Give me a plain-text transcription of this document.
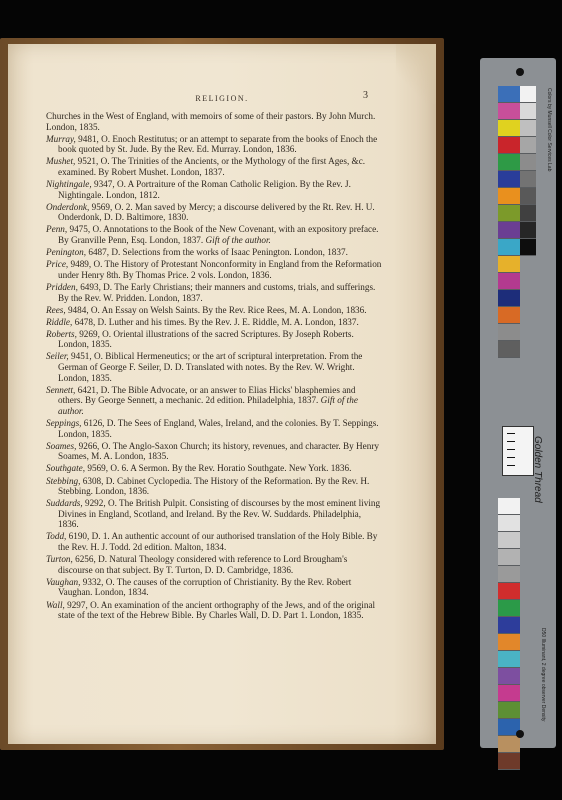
RELIGION.	3
Churches in the West of England, with memoirs of some of their pastors. By John Murch. London, 1835.
Murray, 9481, O. Enoch Restitutus; or an attempt to separate from the books of Enoch the book quoted by St. Jude. By the Rev. Ed. Murray. London, 1836.
Mushet, 9521, O. The Trinities of the Ancients, or the Mythology of the first Ages, &c. examined. By Robert Mushet. London, 1837.
Nightingale, 9347, O. A Portraiture of the Roman Catholic Religion. By the Rev. J. Nightingale. London, 1812.
Onderdonk, 9569, O. 2. Man saved by Mercy; a discourse delivered by the Rt. Rev. H. U. Onderdonk, D. D. Baltimore, 1830.
Penn, 9475, O. Annotations to the Book of the New Covenant, with an expository preface. By Granville Penn, Esq. London, 1837. Gift of the author.
Penington, 6487, D. Selections from the works of Isaac Penington. London, 1837.
Price, 9489, O. The History of Protestant Nonconformity in England from the Reformation under Henry 8th. By Thomas Price. 2 vols. London, 1836.
Pridden, 6493, D. The Early Christians; their manners and customs, trials, and sufferings. By the Rev. W. Pridden. London, 1837.
Rees, 9484, O. An Essay on Welsh Saints. By the Rev. Rice Rees, M. A. London, 1836.
Riddle, 6478, D. Luther and his times. By the Rev. J. E. Riddle, M. A. London, 1837.
Roberts, 9269, O. Oriental illustrations of the sacred Scriptures. By Joseph Roberts. London, 1835.
Seiler, 9451, O. Biblical Hermeneutics; or the art of scriptural interpretation. From the German of George F. Seiler, D. D. Translated with notes. By the Rev. W. Wright. London, 1835.
Sennett, 6421, D. The Bible Advocate, or an answer to Elias Hicks' blasphemies and others. By George Sennett, a mechanic. 2d edition. Philadelphia, 1837. Gift of the author.
Seppings, 6126, D. The Sees of England, Wales, Ireland, and the colonies. By T. Seppings. London, 1835.
Soames, 9266, O. The Anglo-Saxon Church; its history, revenues, and character. By Henry Soames, M. A. London, 1835.
Southgate, 9569, O. 6. A Sermon. By the Rev. Horatio Southgate. New York. 1836.
Stebbing, 6308, D. Cabinet Cyclopedia. The History of the Reformation. By the Rev. H. Stebbing. London, 1836.
Suddards, 9292, O. The British Pulpit. Consisting of discourses by the most eminent living Divines in England, Scotland, and Ireland. By the Rev. W. Suddards. Philadelphia, 1836.
Todd, 6190, D. 1. An authentic account of our authorised translation of the Holy Bible. By the Rev. H. J. Todd. 2d edition. Malton, 1834.
Turton, 6256, D. Natural Theology considered with reference to Lord Brougham's discourse on that subject. By T. Turton, D. D. Cambridge, 1836.
Vaughan, 9332, O. The causes of the corruption of Christianity. By the Rev. Robert Vaughan. London, 1834.
Wall, 9297, O. An examination of the ancient orthography of the Jews, and of the original state of the text of the Hebrew Bible. By Charles Wall, D. D. Part 1. London, 1835.
Colors by Munsell Color Services Lab
Golden Thread
D50 Illuminant, 2 degree observer Density
